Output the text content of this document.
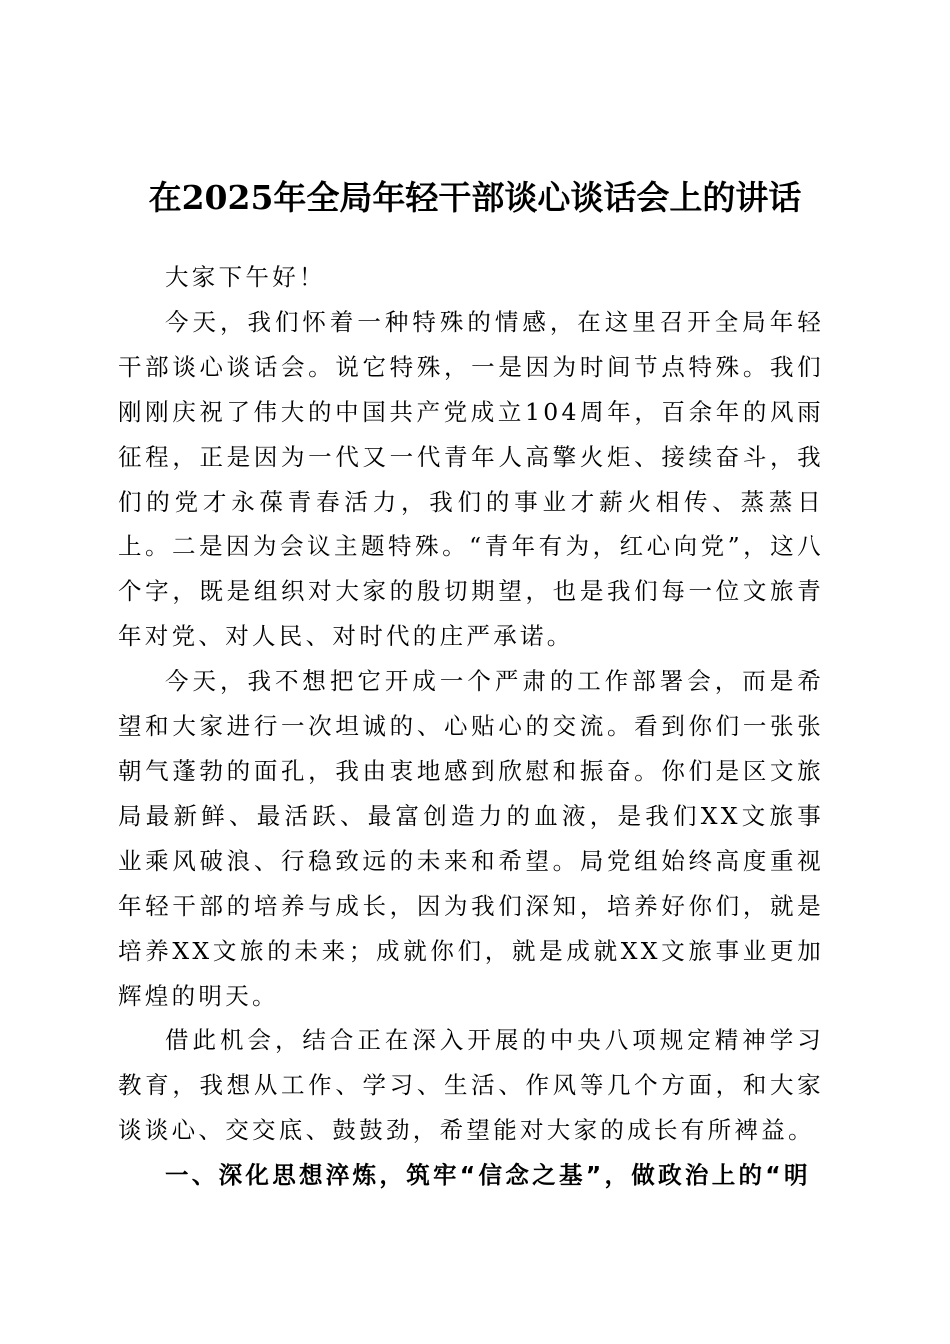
在2025年全局年轻干部谈心谈话会上的讲话

大家下午好！

今天，我们怀着一种特殊的情感，在这里召开全局年轻干部谈心谈话会。说它特殊，一是因为时间节点特殊。我们刚刚庆祝了伟大的中国共产党成立104周年，百余年的风雨征程，正是因为一代又一代青年人高擎火炬、接续奋斗，我们的党才永葆青春活力，我们的事业才薪火相传、蒸蒸日上。二是因为会议主题特殊。“青年有为，红心向党”，这八个字，既是组织对大家的殷切期望，也是我们每一位文旅青年对党、对人民、对时代的庄严承诺。

今天，我不想把它开成一个严肃的工作部署会，而是希望和大家进行一次坦诚的、心贴心的交流。看到你们一张张朝气蓬勃的面孔，我由衷地感到欣慰和振奋。你们是区文旅局最新鲜、最活跃、最富创造力的血液，是我们XX文旅事业乘风破浪、行稳致远的未来和希望。局党组始终高度重视年轻干部的培养与成长，因为我们深知，培养好你们，就是培养XX文旅的未来；成就你们，就是成就XX文旅事业更加辉煌的明天。

借此机会，结合正在深入开展的中央八项规定精神学习教育，我想从工作、学习、生活、作风等几个方面，和大家谈谈心、交交底、鼓鼓劲，希望能对大家的成长有所裨益。

一、深化思想淬炼，筑牢“信念之基”，做政治上的“明
